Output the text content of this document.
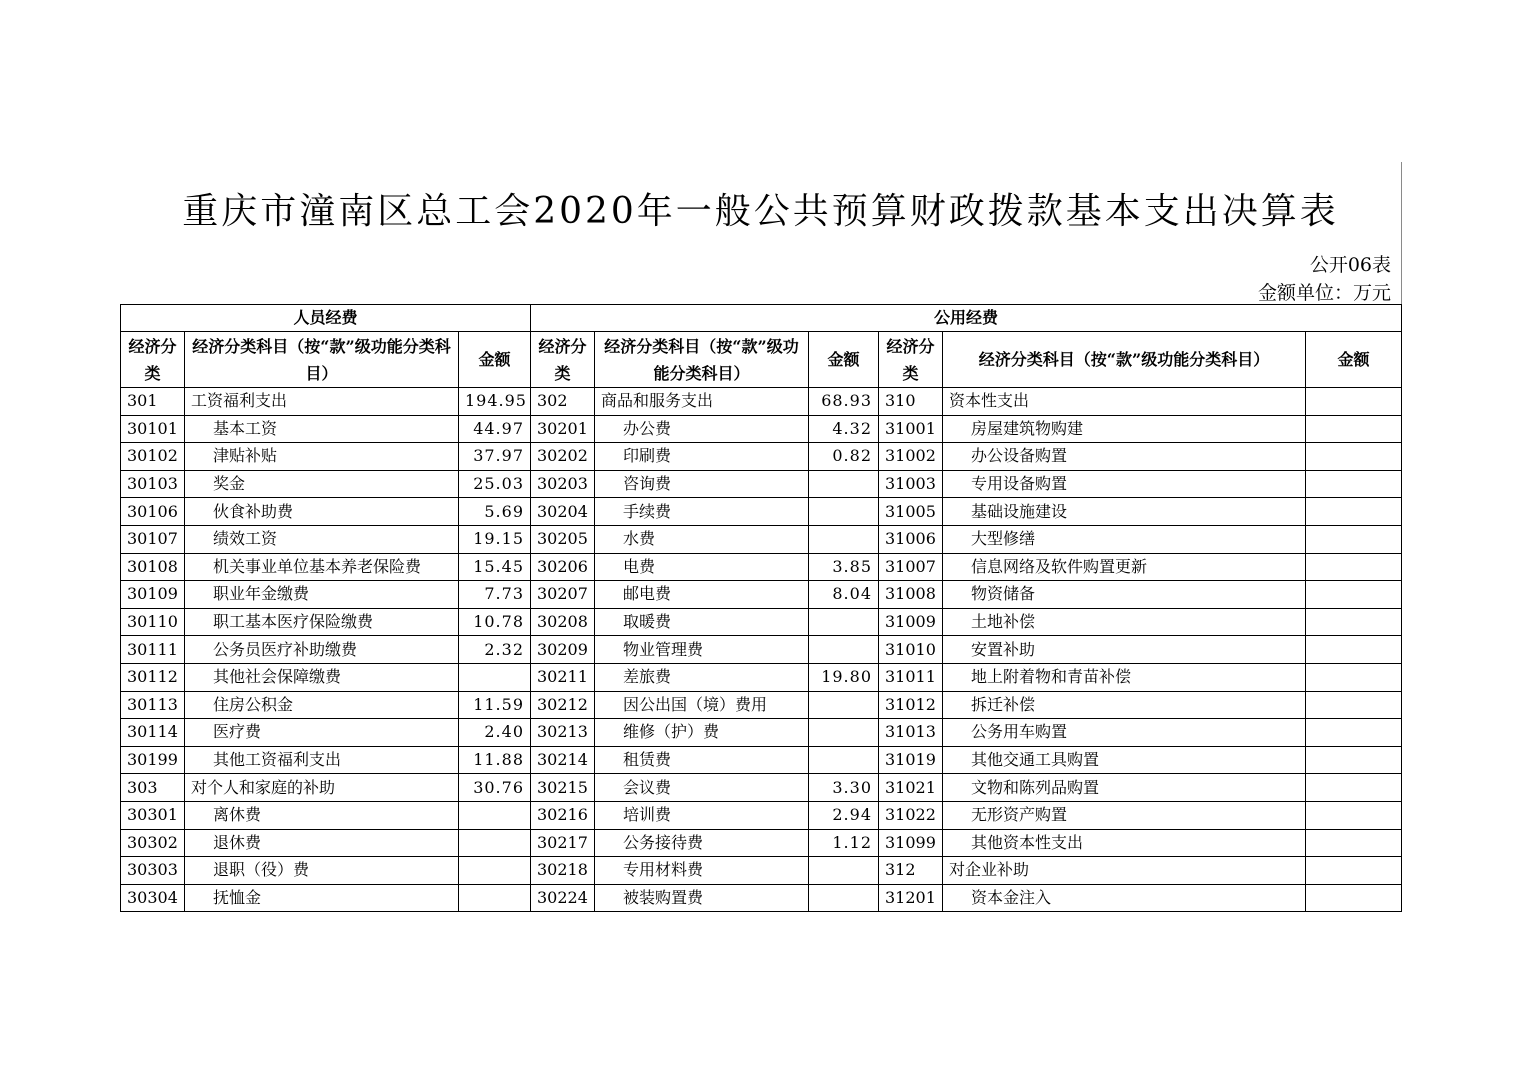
重庆市潼南区总工会2020年一般公共预算财政拨款基本支出决算表
公开06表
金额单位：万元
人员经费			公用经费					
经济分类	经济分类科目（按“款”级功能分类科目）	金额	经济分类	经济分类科目（按“款”级功能分类科目）	金额	经济分类	经济分类科目（按“款”级功能分类科目）	金额
301	工资福利支出	194.95	302	商品和服务支出	68.93	310	资本性支出	
30101	基本工资	44.97	30201	办公费	4.32	31001	房屋建筑物购建	
30102	津贴补贴	37.97	30202	印刷费	0.82	31002	办公设备购置	
30103	奖金	25.03	30203	咨询费		31003	专用设备购置	
30106	伙食补助费	5.69	30204	手续费		31005	基础设施建设	
30107	绩效工资	19.15	30205	水费		31006	大型修缮	
30108	机关事业单位基本养老保险费	15.45	30206	电费	3.85	31007	信息网络及软件购置更新	
30109	职业年金缴费	7.73	30207	邮电费	8.04	31008	物资储备	
30110	职工基本医疗保险缴费	10.78	30208	取暖费		31009	土地补偿	
30111	公务员医疗补助缴费	2.32	30209	物业管理费		31010	安置补助	
30112	其他社会保障缴费		30211	差旅费	19.80	31011	地上附着物和青苗补偿	
30113	住房公积金	11.59	30212	因公出国（境）费用		31012	拆迁补偿	
30114	医疗费	2.40	30213	维修（护）费		31013	公务用车购置	
30199	其他工资福利支出	11.88	30214	租赁费		31019	其他交通工具购置	
303	对个人和家庭的补助	30.76	30215	会议费	3.30	31021	文物和陈列品购置	
30301	离休费		30216	培训费	2.94	31022	无形资产购置	
30302	退休费		30217	公务接待费	1.12	31099	其他资本性支出	
30303	退职（役）费		30218	专用材料费		312	对企业补助	
30304	抚恤金		30224	被装购置费		31201	资本金注入	
